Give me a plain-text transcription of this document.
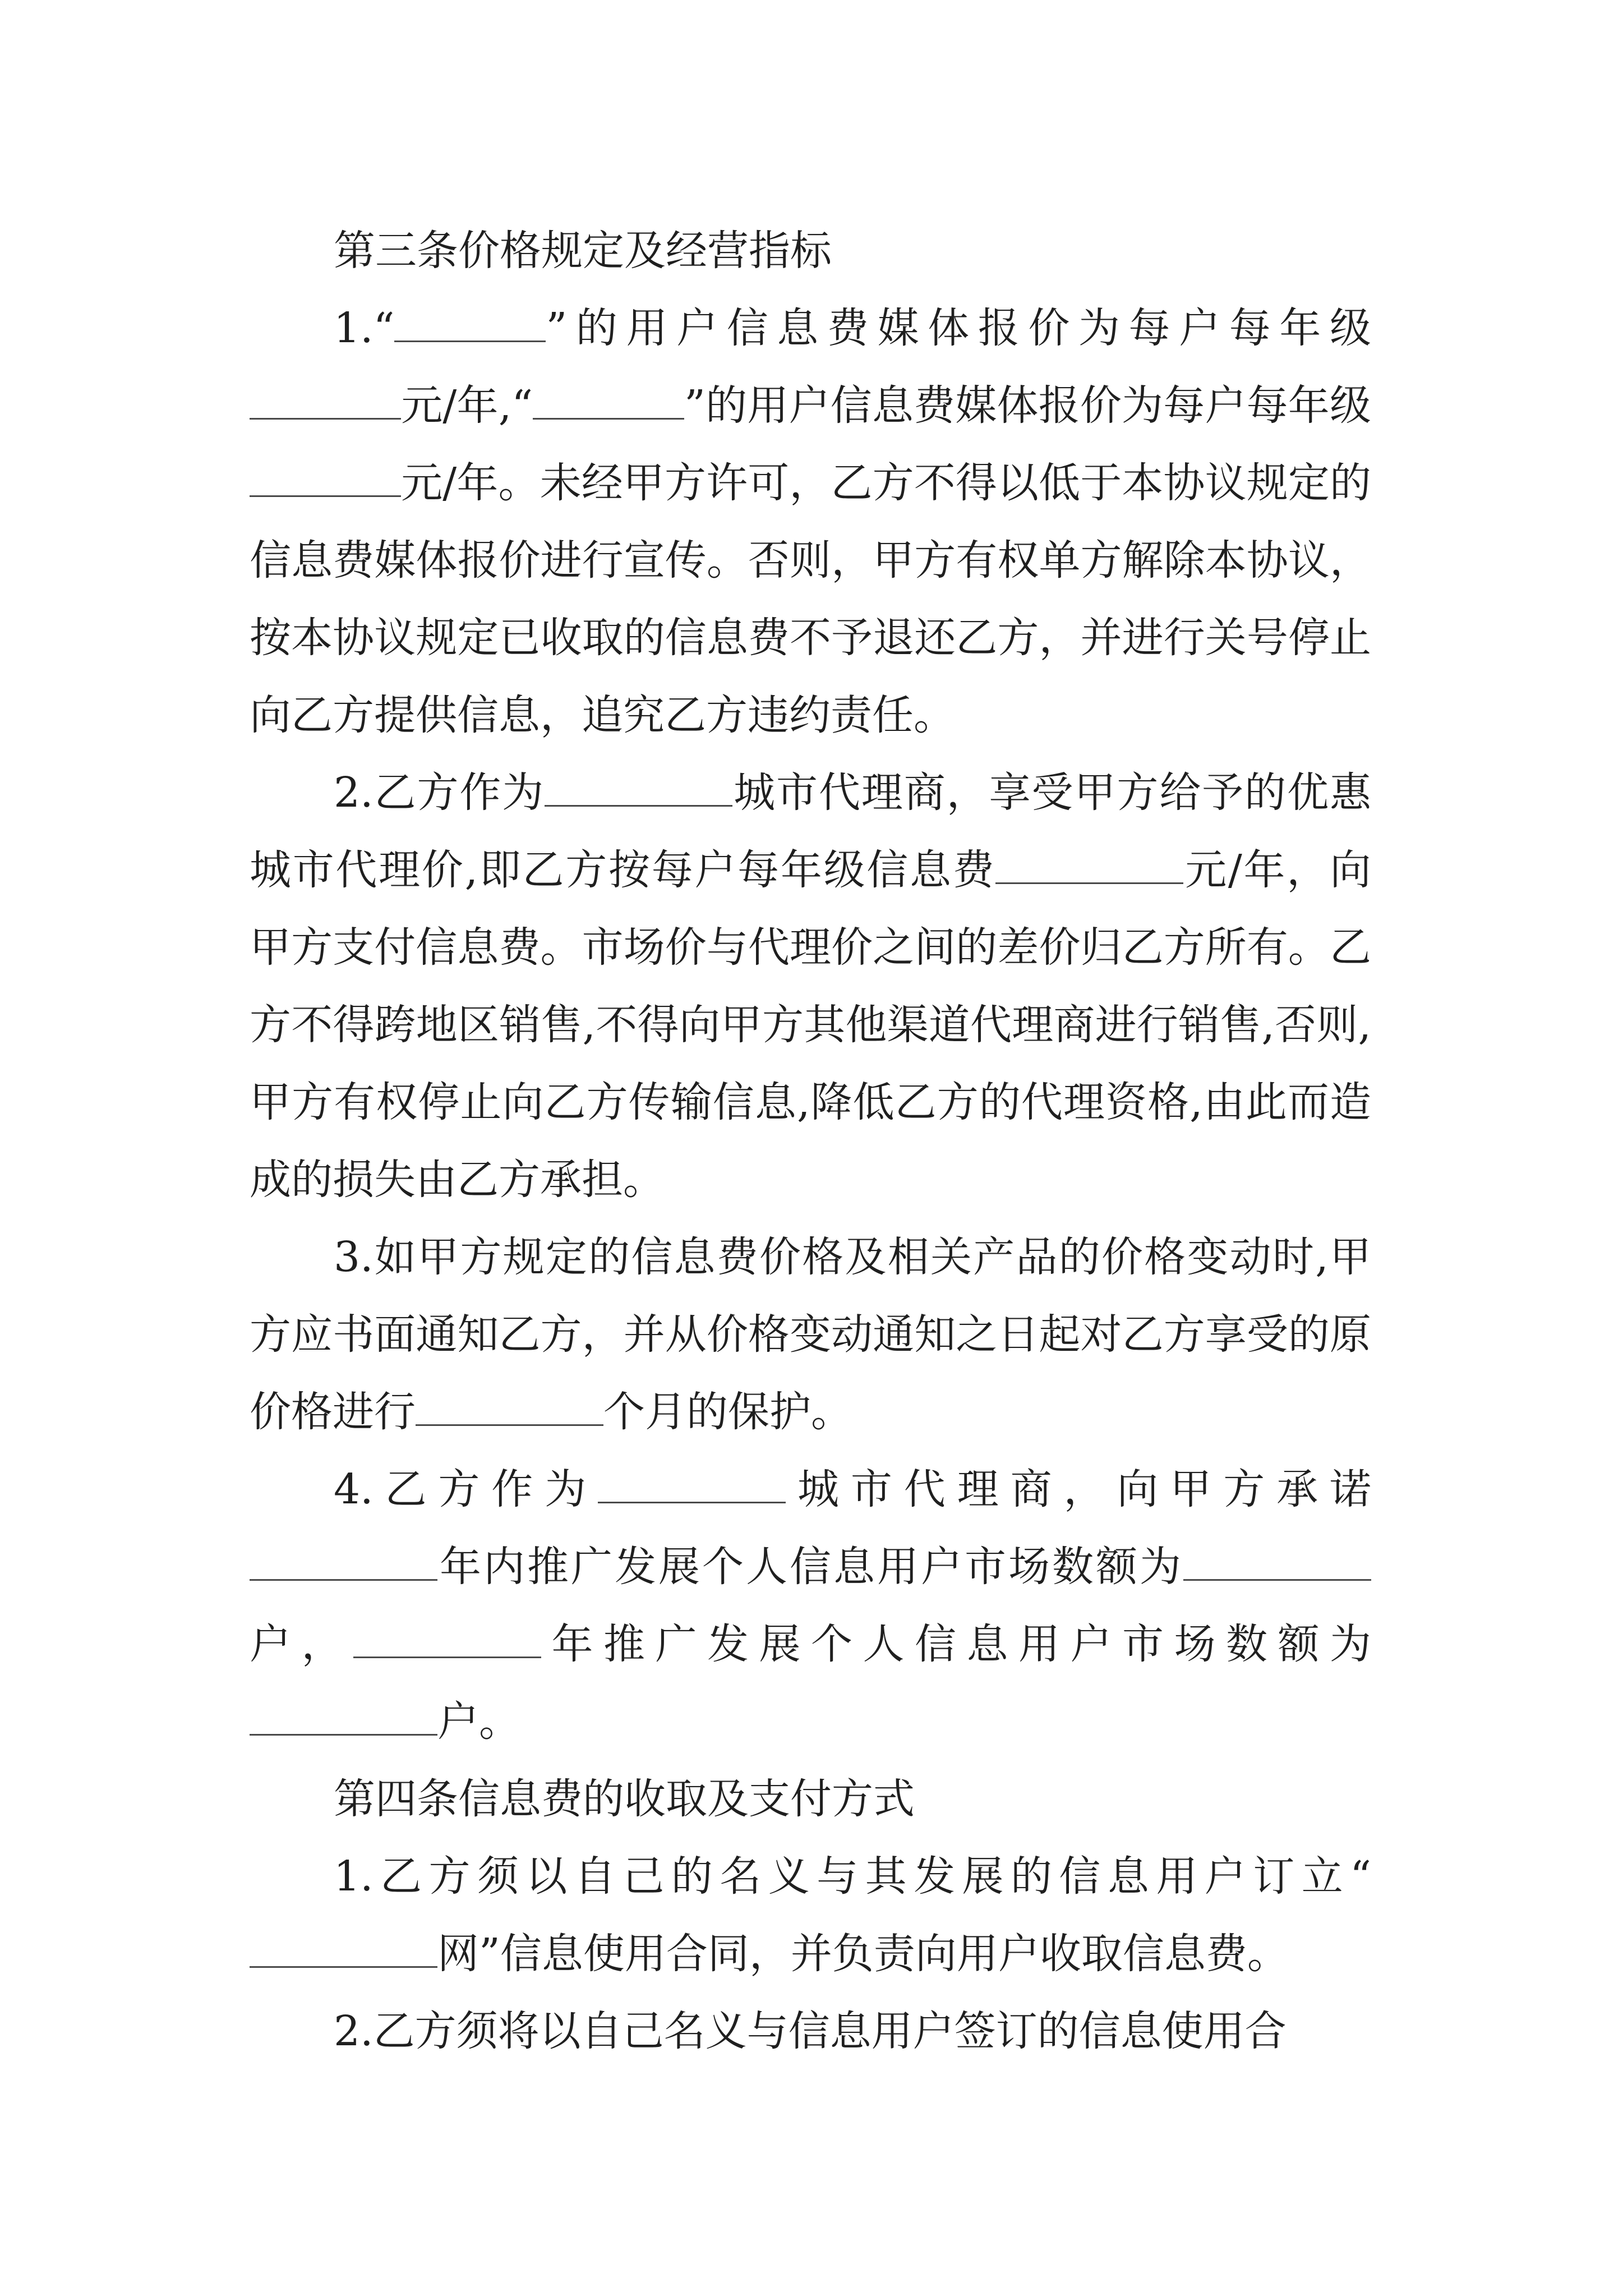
第三条价格规定及经营指标

1.“	”的用户信息费媒体报价为每户每年级元/年,“	”的用户信息费媒体报价为每户每年级元/年。未经甲方许可，乙方不得以低于本协议规定的信息费媒体报价进行宣传。否则，甲方有权单方解除本协议，按本协议规定已收取的信息费不予退还乙方，并进行关号停止向乙方提供信息，追究乙方违约责任。

2.乙方作为	城市代理商，享受甲方给予的优惠城市代理价,即乙方按每户每年级信息费	元/年，向甲方支付信息费。市场价与代理价之间的差价归乙方所有。乙方不得跨地区销售,不得向甲方其他渠道代理商进行销售,否则,甲方有权停止向乙方传输信息,降低乙方的代理资格,由此而造成的损失由乙方承担。

3.如甲方规定的信息费价格及相关产品的价格变动时,甲方应书面通知乙方，并从价格变动通知之日起对乙方享受的原价格进行	个月的保护。

4.乙方作为	城市代理商，向甲方承诺年内推广发展个人信息用户市场数额为户，	年推广发展个人信息用户市场数额为户。

第四条信息费的收取及支付方式

1.乙方须以自己的名义与其发展的信息用户订立“网”信息使用合同，并负责向用户收取信息费。

2.乙方须将以自己名义与信息用户签订的信息使用合
